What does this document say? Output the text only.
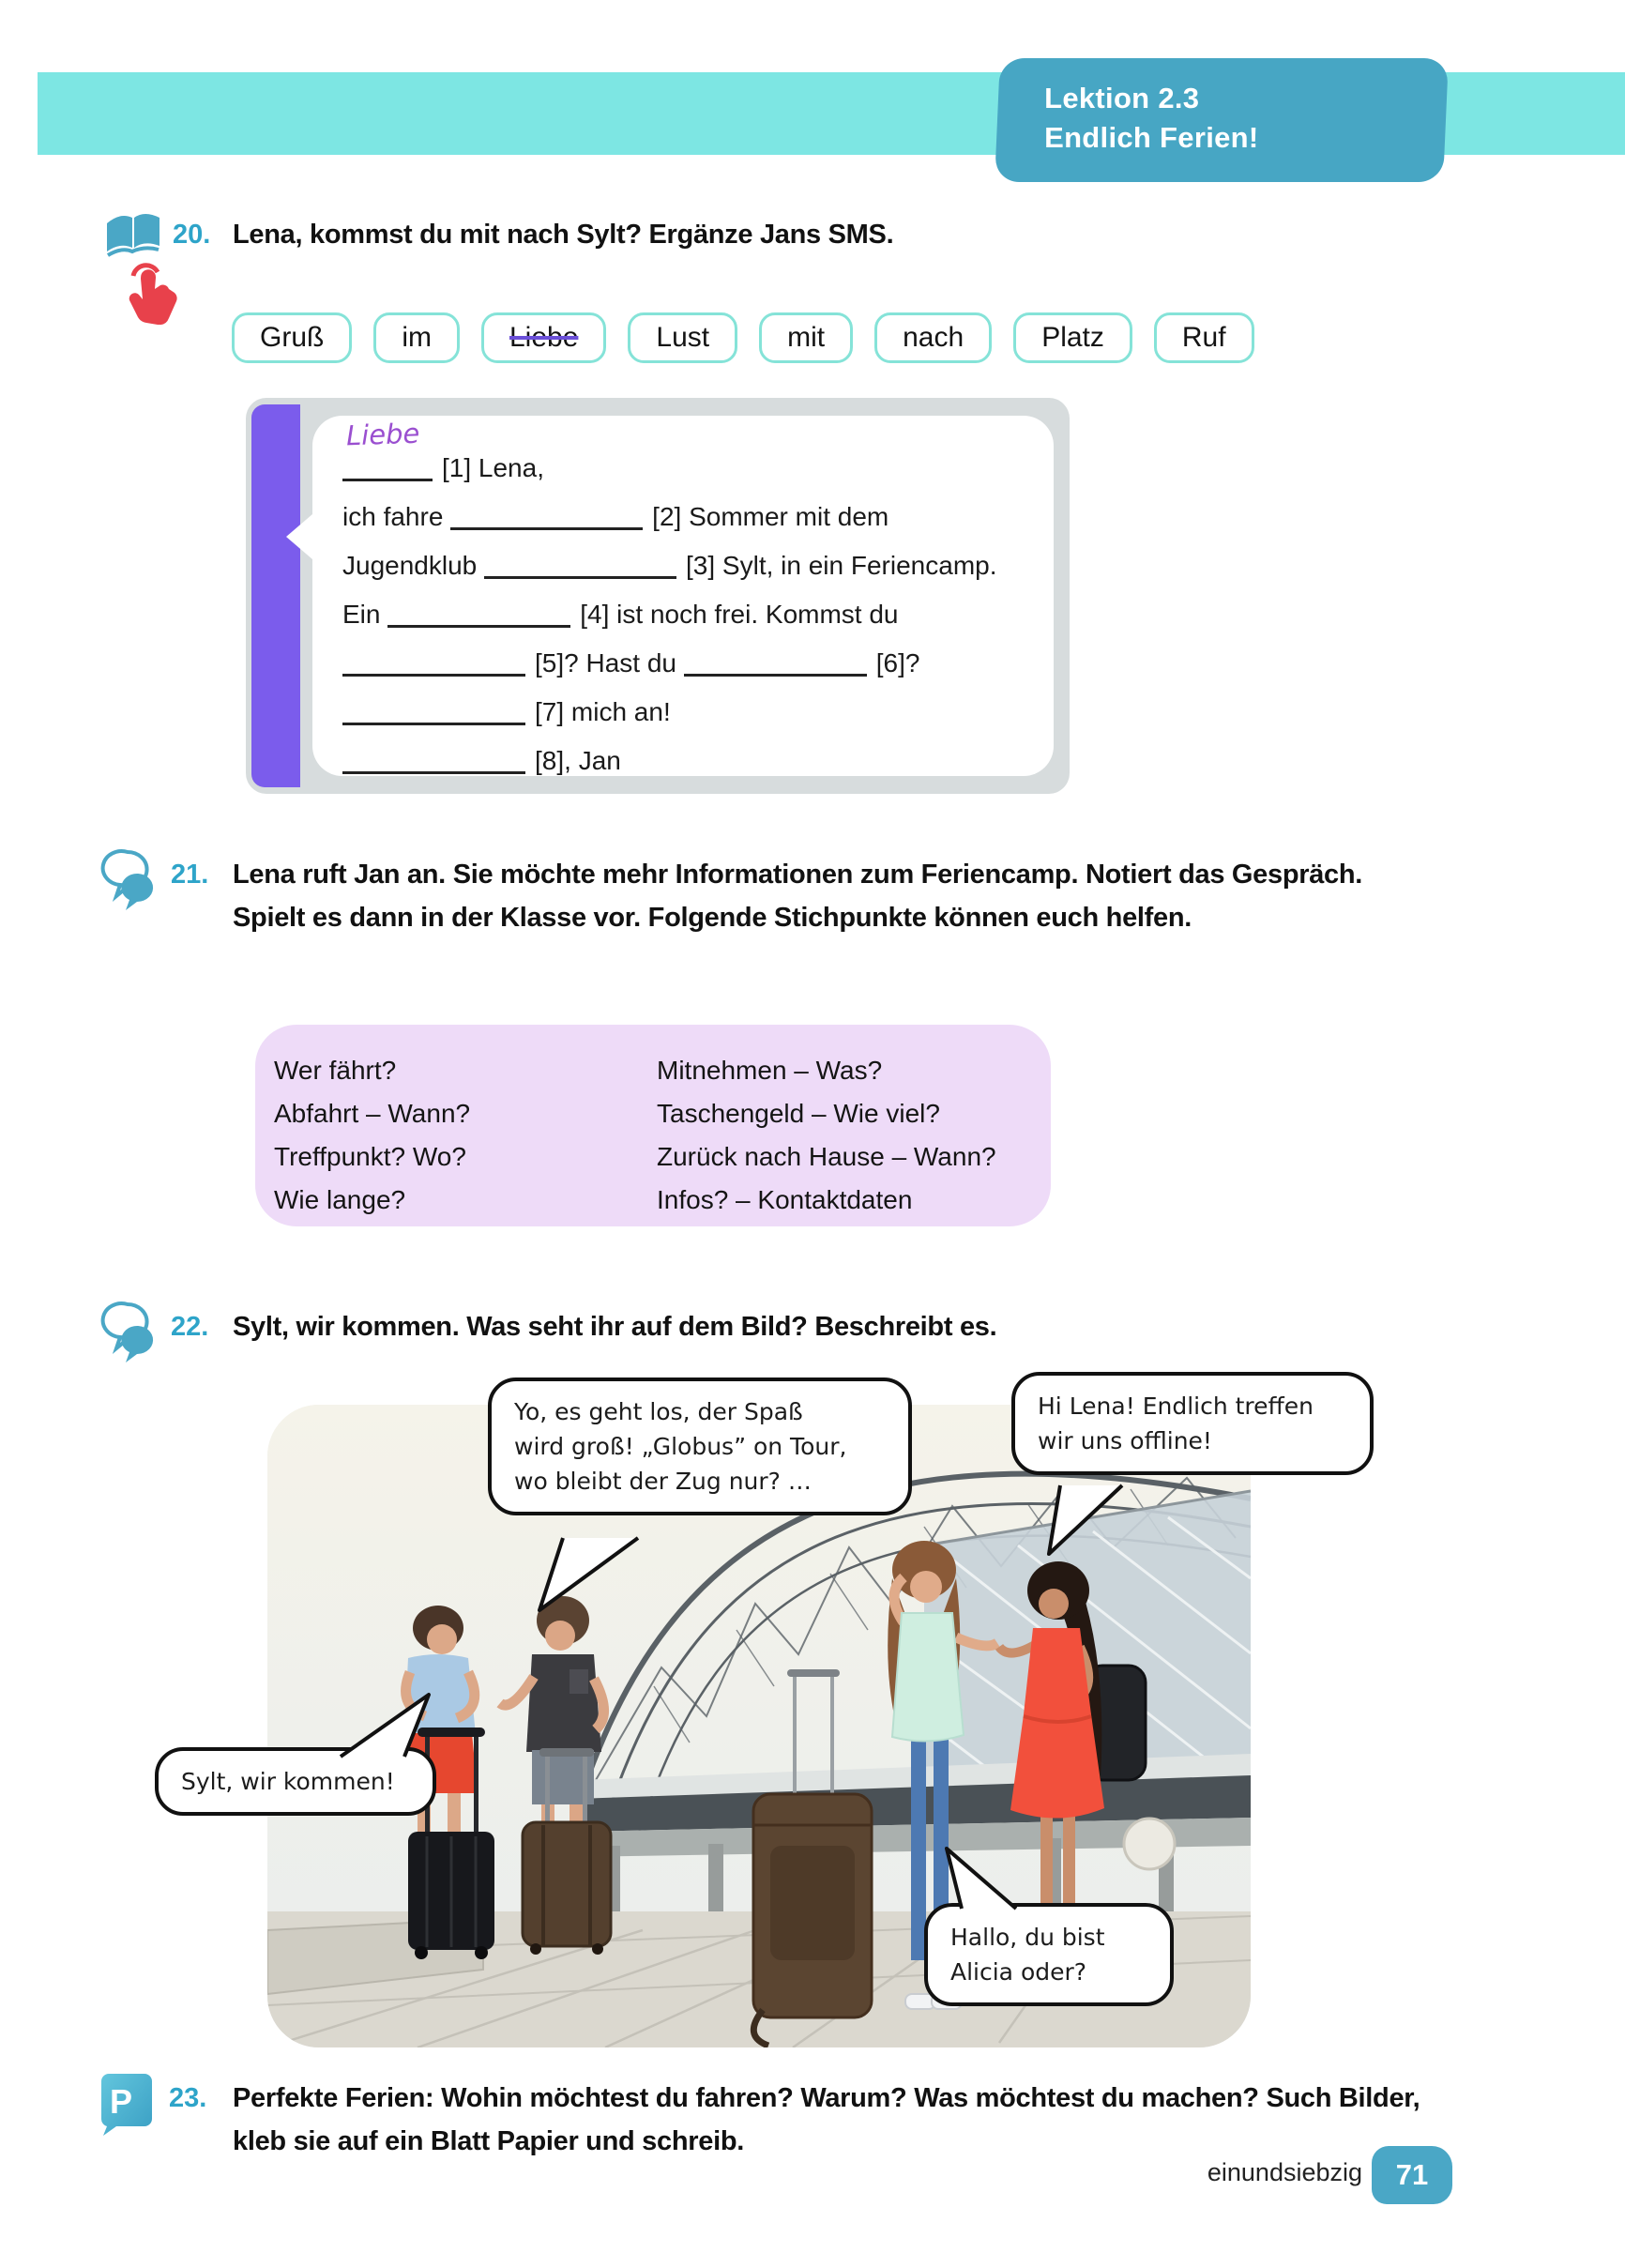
Lektion 2.3
Endlich Ferien!
20. Lena, kommst du mit nach Sylt? Ergänze Jans SMS.
Gruß	im	Liebe	Lust	mit	nach	Platz	Ruf
Liebe
[1] Lena,
ich fahre	[2] Sommer mit dem
Jugendklub	[3] Sylt, in ein Feriencamp.
Ein	[4] ist noch frei. Kommst du
[5]? Hast du	[6]?
[7] mich an!
[8], Jan
21. Lena ruft Jan an. Sie möchte mehr Informationen zum Feriencamp. Notiert das Gespräch.
Spielt es dann in der Klasse vor. Folgende Stichpunkte können euch helfen.
Wer fährt?
Abfahrt – Wann?
Treffpunkt? Wo?
Wie lange?
Mitnehmen – Was?
Taschengeld – Wie viel?
Zurück nach Hause – Wann?
Infos? – Kontaktdaten
22. Sylt, wir kommen. Was seht ihr auf dem Bild? Beschreibt es.
Yo, es geht los, der Spaß
wird groß! „Globus” on Tour,
wo bleibt der Zug nur? …
Hi Lena! Endlich treffen
wir uns offline!
Sylt, wir kommen!
Hallo, du bist
Alicia oder?
P 23. Perfekte Ferien: Wohin möchtest du fahren? Warum? Was möchtest du machen? Such Bilder,
kleb sie auf ein Blatt Papier und schreib.
einundsiebzig 71
